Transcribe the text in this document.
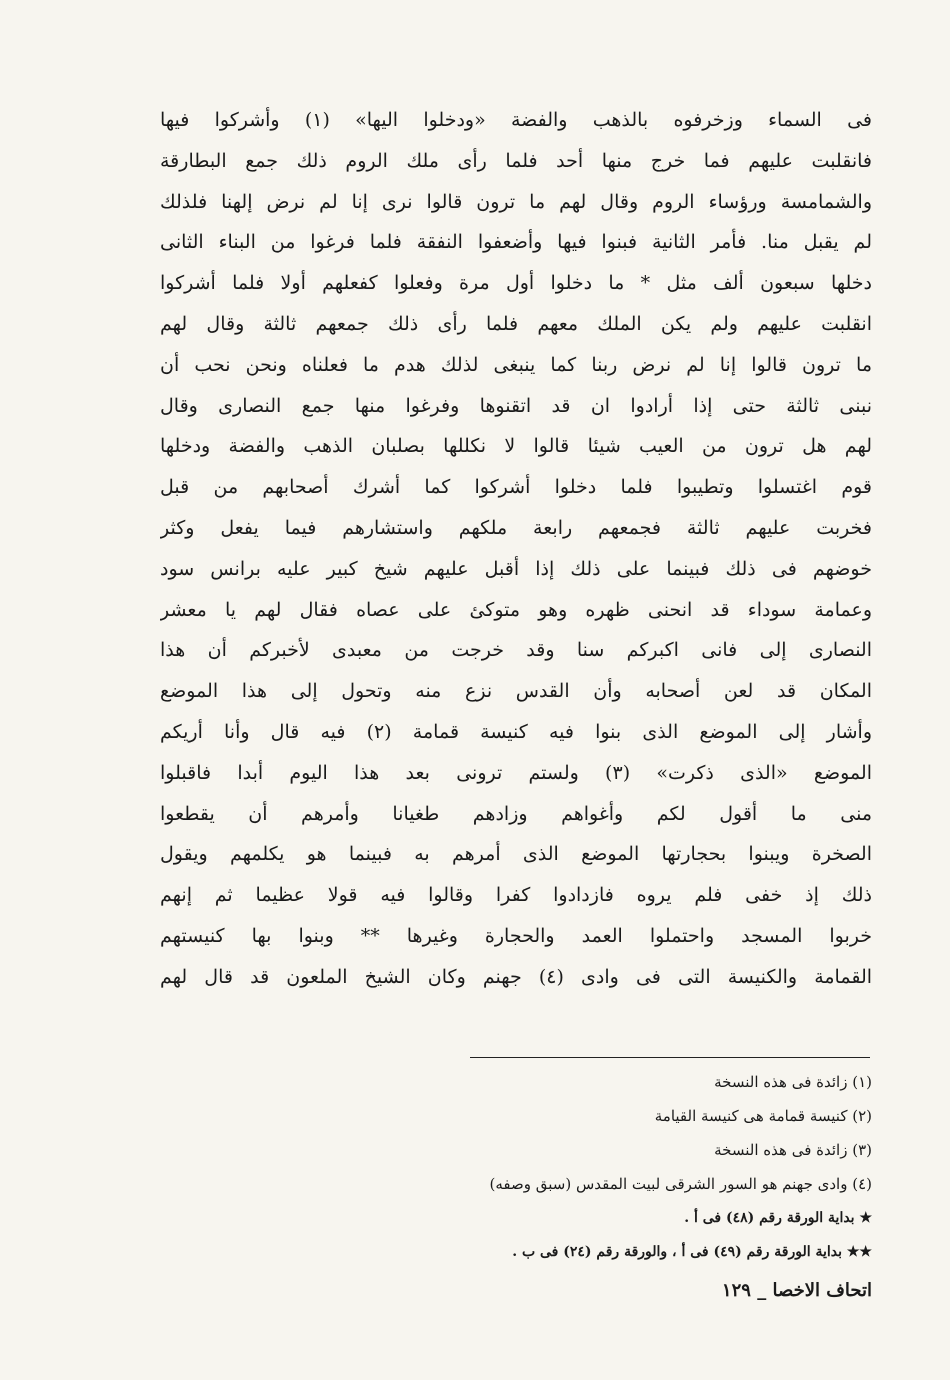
فى السماء وزخرفوه بالذهب والفضة «ودخلوا اليها» (١) وأشركوا فيها
فانقلبت عليهم فما خرج منها أحد فلما رأى ملك الروم ذلك جمع البطارقة
والشمامسة ورؤساء الروم وقال لهم ما ترون قالوا نرى إنا لم نرض إلهنا فلذلك
لم يقبل منا. فأمر الثانية فبنوا فيها وأضعفوا النفقة فلما فرغوا من البناء الثانى
دخلها سبعون ألف مثل * ما دخلوا أول مرة وفعلوا كفعلهم أولا فلما أشركوا
انقلبت عليهم ولم يكن الملك معهم فلما رأى ذلك جمعهم ثالثة وقال لهم
ما ترون قالوا إنا لم نرض ربنا كما ينبغى لذلك هدم ما فعلناه ونحن نحب أن
نبنى ثالثة حتى إذا أرادوا ان قد اتقنوها وفرغوا منها جمع النصارى وقال
لهم هل ترون من العيب شيئا قالوا لا نكللها بصلبان الذهب والفضة ودخلها
قوم اغتسلوا وتطيبوا فلما دخلوا أشركوا كما أشرك أصحابهم من قبل
فخربت عليهم ثالثة فجمعهم رابعة ملكهم واستشارهم فيما يفعل وكثر
خوضهم فى ذلك فبينما على ذلك إذا أقبل عليهم شيخ كبير عليه برانس سود
وعمامة سوداء قد انحنى ظهره وهو متوكئ على عصاه فقال لهم يا معشر
النصارى إلى فانى اكبركم سنا وقد خرجت من معبدى لأخبركم أن هذا
المكان قد لعن أصحابه وأن القدس نزع منه وتحول إلى هذا الموضع
وأشار إلى الموضع الذى بنوا فيه كنيسة قمامة (٢) فيه قال وأنا أريكم
الموضع «الذى ذكرت» (٣) ولستم ترونى بعد هذا اليوم أبدا فاقبلوا
منى ما أقول لكم وأغواهم وزادهم طغيانا وأمرهم أن يقطعوا
الصخرة ويبنوا بحجارتها الموضع الذى أمرهم به فبينما هو يكلمهم ويقول
ذلك إذ خفى فلم يروه فازدادوا كفرا وقالوا فيه قولا عظيما ثم إنهم
خربوا المسجد واحتملوا العمد والحجارة وغيرها ** وبنوا بها كنيستهم
القمامة والكنيسة التى فى وادى (٤) جهنم وكان الشيخ الملعون قد قال لهم
(١) زائدة فى هذه النسخة
(٢) كنيسة قمامة هى كنيسة القيامة
(٣) زائدة فى هذه النسخة
(٤) وادى جهنم هو السور الشرقى لبيت المقدس (سبق وصفه)
★ بداية الورقة رقم (٤٨) فى أ .
★★ بداية الورقة رقم (٤٩) فى أ ، والورقة رقم (٢٤) فى ب .
اتحاف الاخصا _ ١٢٩
